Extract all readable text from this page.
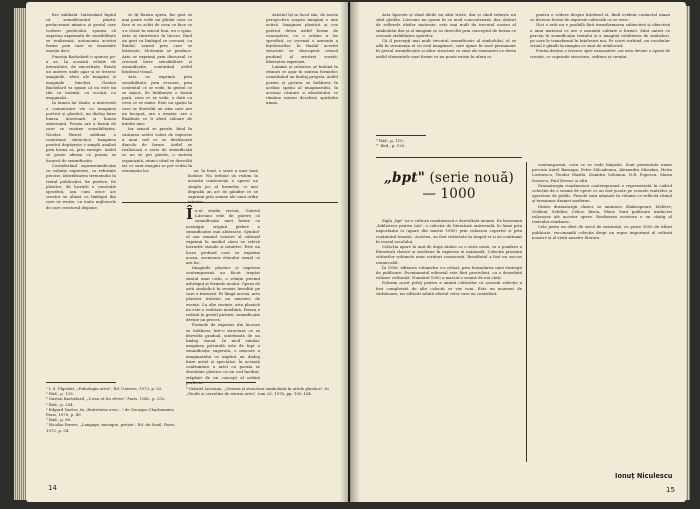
fire inhibată. Intensiând faptul că semnificantul plastic prelucrează mimica și gestul care vorbesc poeticului, spunea că expresia exprimată de sensibilitate se realizează, autonomia acestei forme prin care se transmite emoția deci.

Funcția Bachelard o spunea pe-a sa. În această relație de intensitate, de sinceritate. Există un univers unde apar și se trezesc imaginile, sfere ale imaginii și imaginile funcției. Gaston Bachelard va spune că ea este un râu cu intenții, cu vocații, cu imaginații...

În lumea lui Vasile, a intervenit o comunicare vie cu imaginea poetică și plastică, un dialog între lumea interioară și lumea exterioară. Poezia are o formă de care se susține sensibilitatea. Nicolas Ruwet sublinia o conexiune sintactică. Imaginea poetică depășește o simplă analiză prin forma sa, prin energie. Astfel se poate afirma că poezia se încarcă de semnificație.

Considerând suprasemnificația cu valențe expresive, cu referințe precise, identificarea termenului în textul publicației, fie poetice, fie plastice, dă lucrării o conotație specifică, așa cum orice act creator se aliază cu limbajul din care se ivește, cu toate mijloacele de care creatorul dispune.

se îți fluiera spera, fur gest se mai poate vede un ghidat ceva ce face ei cu achti de ceea ce face ce s-a văzut în sensul bun, eu o spun. Arta se tăvărtește în tăcere, fiind un gest cu limbajul ce creează, cu fluidul, sensul prin care se întărește. Motivația se produce. Arta se exprimă prin discursul ce creează între sensibilitate și semnificație, conturând astfel înțelesul vizual.

Arta se exprimă prin sensibilitate, prin evocare, prin contextul ce se vede, în gestul ce se mișcă. Se întâlnește o formă pură, ceea ce se vede, o dată cu ceea ce se simte. Este un spațiu în care se dezvoltă un ritm care are un început, are o emoție, are o finalitate ce îi oferă valoare de înțeles unic.

Iar sensul se pierde, fiind în căutarea acelei valori de expresie a unui cod ce se desfășoară dincolo de forme. Astfel se realizează o serie de semnificații ce nu se pot pierde, o sinteză organizată, atunci când se dezvoltă iar ce sunt imagini se pot vedea în rezonanța lor.	se, în fond, o stare a unei lumi închise. Nu trebuie să vedem în această construcție a operei un simplu joc al formelor, ci mai degrabă un act de gândire ce se exprimă prin semne ale unui ordin interior.

În-ul studiu recent, Gabriel Liiceanu este de părere că semnificația unei forme ca nostalgia originii plebee a semnificației mai abstracte. Symbol-ul sau semnul concret al cultural exprimă în mediul cărui se relevă lucrurile vizuale și intuitive. Este un lucru profund care va exprima aceea, asemenea ritmului vizual ce are loc.

Imaginile plastice și expresia contemporană au făcut treptat simțul unui ciclu, o relație privind arhetipul și formele noului. Opera de artă simbolică în revisie înrudită pe care o tratează. Pe lângă acesta, arta plastică trăiește un amestec de esențe. Cu alte cuvinte, arta plastică nu este o realitate imediată. Forma e redusă la gestul picturii, semnificația devine un proces.

Formele de expresie din lucrare se întâlnesc într-o structură ce se dezvoltă gradual, sintetizată de un limbaj vizual. În mod similar, imaginea picturală este de fapt o semnificație sugerată, o mișcare a imaginarului ce implică un dialog între artist și spectator. În această confruntare a artei cu poezia se dezvăluie plastica ca un cod încifrat, stăpânit de un concept al ordinii perfecte.

Artistul își ia locul său, de aceea perspectiva asupra imaginii e una activă. Imaginea plastică și cea poetică devin astfel forme de cunoaștere, cu o ordine a lor specifică, ce creează o armonie a înțelesurilor. În finalul acestei structuri se descoperă sensul profund al oricărei creații: libertatea expresiei.

Lumina și culoarea se îmbină în ritmuri ce apar în sinteza formelor, constituind un limbaj propriu. Astfel poezia și pictura se întâlnesc în același spațiu al imaginarului, în aceeași căutare a absolutului ce rămâne mereu deschisă spiritului uman.

¹ I. S. Vîgotski, „Psihologia artei", Ed. Univers, 1973, p. 62.

² Ibid., p. 129.

³ Gaston Bachelard, „L'eau et les rêves", Paris, 1942, p. 252.

⁴ Ibid., p. 254.

⁵ Edgard Varèse, în „Entretiens avec..." de Georges Charbonnier, Paris, 1970, p. 49.

⁶ Ibid., p. 80.

⁷ Nicolas Ruwet, „Langage, musique, poésie", Ed. du Seuil, Paris, 1972, p. 54.

⁸ Gabriel Liiceanu, „Geneza și structura simbolului în artele plastice", în „Studii și cercetări de istoria artei", tom 25, 1978, pp. 103–104.

14

Arta lipsește și rând ideile nu sânt triste, dar și când trăiește nu sânt glodite. Liiceanu nu spune în ce mod concentrează, dar, alături de reflexele ideilor motivate, este mai mult de trecutul nostru al simbolului dar și al imaginii ce se dezvoltă prin conceptul de forma ce creează stabilitatea operelor.

Că il percepți mai mult trecutul semnificativ al simbolului, el se află în rezonanța ei cu real imaginare, care apare în mod permanent în gestul semnificației și altor structuri ce sunt ale memoriei ce devin astfel elementele unei forme ce nu poate exista în afara ei.

⁹ Ibid., p. 119.

¹⁰ Ibid., p. 120.

pentru o vedere despre înțelesul ei, fiind evident contactul uman cu diverse forme de expresie culturală ce se ivesc.

Nici o artă nu e posibilă fără transformarea subiectivă și obiectivă a unui material ce are o anumită calitate a formei. Sânt autori ce percep în semnificația textului și a imaginii totalitatea de simboluri, pe care le transformă în înțelesuri noi. Pe scurt vorbind, un vocabular vizual e gândit în imagini ce sunt de neînlocuit.

Poezia devine o trecere spre cunoaștere, iar arta devine o operă de creație, ce cuprinde structura, ordinea și creația.

„bpt" (serie nouă) — 1000

Sigla „bpt" ne e cultura românească e dezvoltată anume. Ea înseamnă „biblioteca pentru toți", o colecție de literatură universală, în lume prin importanța ei (apare din martie 1895) prin culoarea copertei și prin conținutul tematic. Acestea, au fost redactate în timpul ei și au continuat în cursul secolului.

Colecția apare în anii de după război ca o serie nouă, cu o pondere a literaturii clasice și moderne în expresia ei națională. Colecția prezintă cititorilor volumele unor scriitori consacrați. Rezultatul a fost un succes remarcabil.

În 1956, editarea volumelor s-a reluat, prin formularea unei strategii de publicare. Evenimentul editorial este fără precedent, cu o deosebită valoare culturală. Numărul 1000 a marcat o seamă de noi cărți.

Folosim acest prilej pentru a aminti cititorilor că această selecție a fost completată de alte colecții ce vor veni. Este un moment de sărbătoare, iar editorii salută efortul celor care au contribuit.

contemporani, ceea ce se vede limpede. Sunt prezentate nume precum Aurel Baranga, Petre Sălcudeanu, Alexandru Mirodan, Horia Lovinescu, Teodor Mazilu, Dumitru Solomon, D.R. Popescu, Marin Sorescu, Paul Everac și alții.

Dramaturgia românească contemporană e reprezentată în cadrul colecției de o seamă de opere ce au fost jucate pe scenele teatrelor și apreciate de public. Piesele sunt adunate în volume ce reflectă ritmul și tensiunea dramei moderne.

Dintre dramaturgii clasici, se amintesc Shakespeare, Molière, Goldoni, Schiller, Cehov, Ibsen, Shaw. Sunt publicate traduceri valoroase ale acestor opere. Realizarea acestora e un câștig al teatrului românesc.

Cele peste un sfert de secol de existență, cu peste 1000 de titluri publicate, recomandă colecția drept un reper important al culturii noastre și al vieții noastre literare.

Ionuț Niculescu
15
